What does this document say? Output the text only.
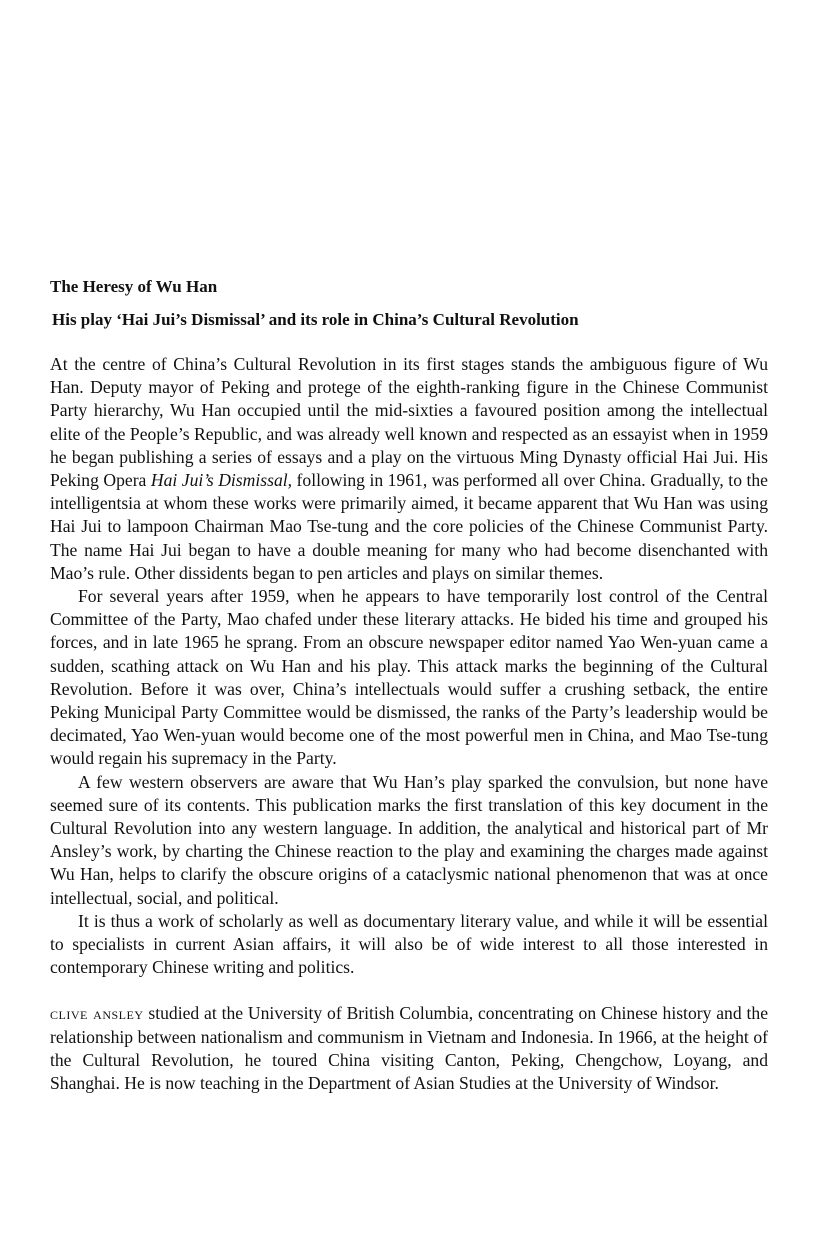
The Heresy of Wu Han
His play ‘Hai Jui’s Dismissal’ and its role in China’s Cultural Revolution

At the centre of China’s Cultural Revolution in its first stages stands the ambiguous figure of Wu Han. Deputy mayor of Peking and protege of the eighth-ranking figure in the Chinese Communist Party hierarchy, Wu Han occupied until the mid-sixties a favoured position among the intellectual elite of the People’s Republic, and was already well known and respected as an essayist when in 1959 he began publishing a series of essays and a play on the virtuous Ming Dynasty official Hai Jui. His Peking Opera Hai Jui’s Dismissal, following in 1961, was performed all over China. Gradually, to the intelligentsia at whom these works were primarily aimed, it became apparent that Wu Han was using Hai Jui to lampoon Chairman Mao Tse-tung and the core policies of the Chinese Communist Party. The name Hai Jui began to have a double meaning for many who had become disenchanted with Mao’s rule. Other dissidents began to pen articles and plays on similar themes.

For several years after 1959, when he appears to have temporarily lost control of the Central Committee of the Party, Mao chafed under these literary attacks. He bided his time and grouped his forces, and in late 1965 he sprang. From an obscure newspaper editor named Yao Wen-yuan came a sudden, scathing attack on Wu Han and his play. This attack marks the beginning of the Cultural Revolution. Before it was over, China’s intellectuals would suffer a crushing setback, the entire Peking Municipal Party Committee would be dismissed, the ranks of the Party’s leadership would be decimated, Yao Wen-yuan would become one of the most powerful men in China, and Mao Tse-tung would regain his supremacy in the Party.

A few western observers are aware that Wu Han’s play sparked the convulsion, but none have seemed sure of its contents. This publication marks the first translation of this key document in the Cultural Revolution into any western language. In addition, the analytical and historical part of Mr Ansley’s work, by charting the Chinese reaction to the play and examining the charges made against Wu Han, helps to clarify the obscure origins of a cataclysmic national phenomenon that was at once intellectual, social, and political.

It is thus a work of scholarly as well as documentary literary value, and while it will be essential to specialists in current Asian affairs, it will also be of wide interest to all those interested in contemporary Chinese writing and politics.

clive ansley studied at the University of British Columbia, concentrating on Chinese history and the relationship between nationalism and communism in Vietnam and Indonesia. In 1966, at the height of the Cultural Revolution, he toured China visiting Canton, Peking, Chengchow, Loyang, and Shanghai. He is now teaching in the Department of Asian Studies at the University of Windsor.
